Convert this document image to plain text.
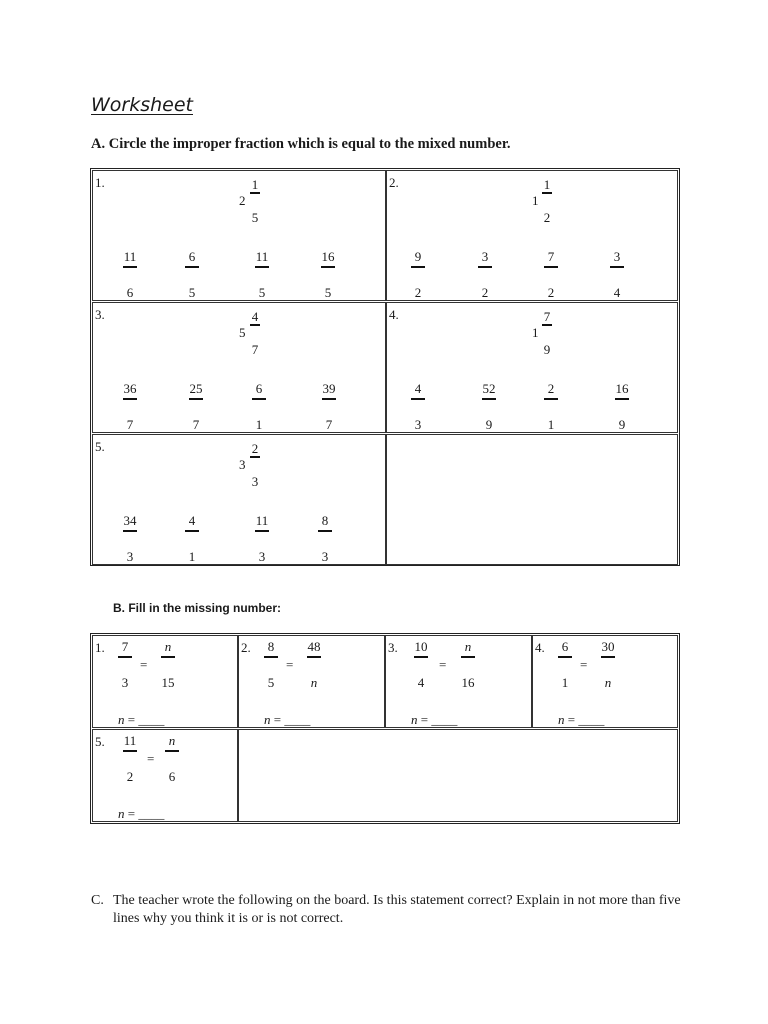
Worksheet
A. Circle the improper fraction which is equal to the mixed number.
1.
2
1
5
11
6
6
5
11
5
16
5
2.
1
1
2
9
2
3
2
7
2
3
4
3.
5
4
7
36
7
25
7
6
1
39
7
4.
1
7
9
4
3
52
9
2
1
16
9
5.
3
2
3
34
3
4
1
11
3
8
3
B. Fill in the missing number:
1.	7
3
=
n
15
n = ____
2.	8
5
=
48
n
n = ____
3.	10
4
=
n
16
n = ____
4.	6
1
=
30
n
n = ____
5.	11
2
=
n
6
n = ____
C. The teacher wrote the following on the board. Is this statement correct? Explain in not more than five lines why you think it is or is not correct.
